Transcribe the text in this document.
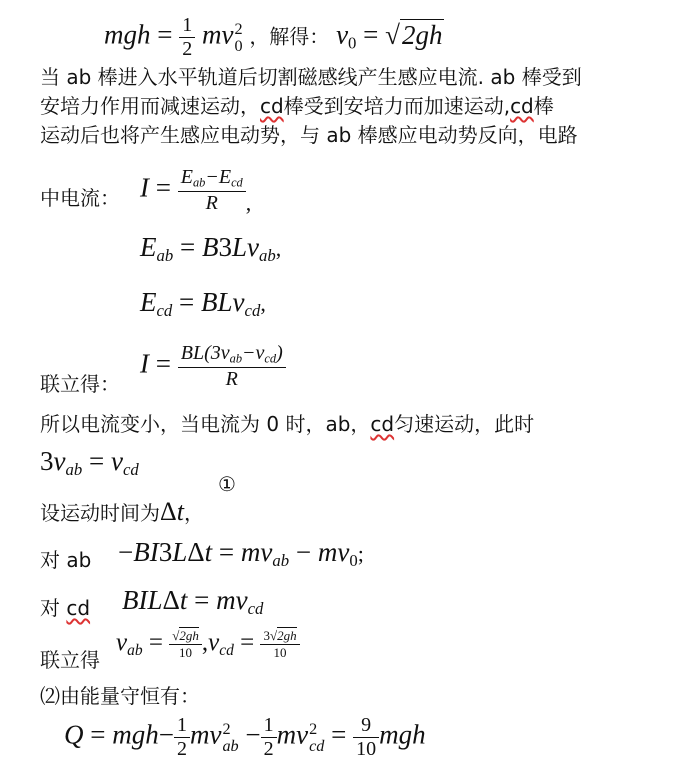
mgh = $\frac{1}{2}$ mv 2
0 ，解得： $v_0 = √2gh$
当 ab 棒进入水平轨道后切割磁感线产生感应电流. ab 棒受到
安培力作用而减速运动，cd棒受到安培力而加速运动,cd棒
运动后也将产生感应电动势，与 ab 棒感应电动势反向，电路
中电流： $I = \frac{E_{ab}-E_{cd}}{R} _,$
$E_{ab} = B3Lv_{ab}$,
$E_{cd} = BLv_{cd}$,
联立得：
$I = \frac{BL(3v_{ab}-v_{cd})}{R}$
所以电流变小，当电流为 0 时，ab，cd匀速运动，此时
$3v_{ab} = v_{cd}$
①
设运动时间为Δt，
对 ab $-BI3L\Delta t = mv_{ab} - mv_0$;
对 cd $BIL\Delta t = mv_{cd}$
联立得
$v_{ab} = \frac{√2gh}{10} ,v_{cd} = \frac{3√2gh}{10}$
⑵由能量守恒有：
$Q = mgh- \frac{1}{2}$ mv 2
ab − $\frac{1}{2}$ mv 2
cd = $\frac{9}{10}$ mgh
